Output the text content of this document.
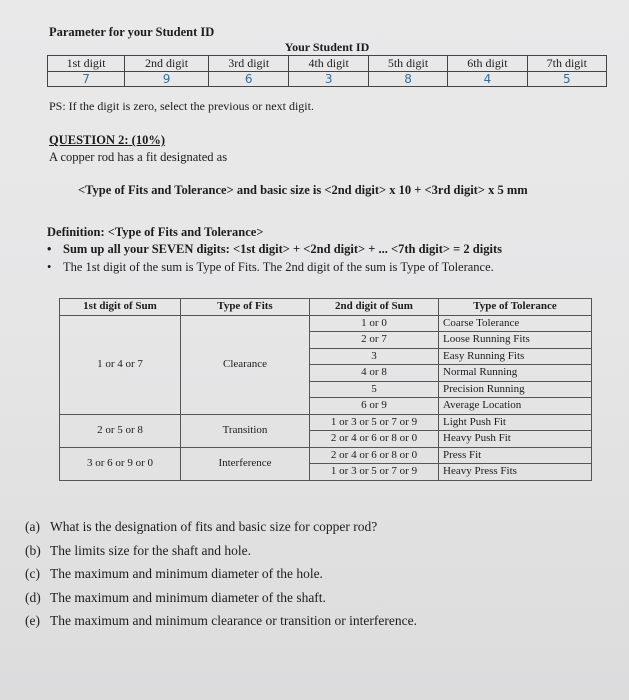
Parameter for your Student ID
Your Student ID						
1st digit	2nd digit	3rd digit	4th digit	5th digit	6th digit	7th digit
7	9	6	3	8	4	5
PS: If the digit is zero, select the previous or next digit.
QUESTION 2: (10%)
A copper rod has a fit designated as
<Type of Fits and Tolerance> and basic size is <2nd digit> x 10 + <3rd digit> x 5 mm
Definition: <Type of Fits and Tolerance>
• Sum up all your SEVEN digits: <1st digit> + <2nd digit> + ... <7th digit> = 2 digits
• The 1st digit of the sum is Type of Fits. The 2nd digit of the sum is Type of Tolerance.
1st digit of Sum	Type of Fits	2nd digit of Sum	Type of Tolerance
1 or 4 or 7	Clearance	1 or 0	Coarse Tolerance
		2 or 7	Loose Running Fits
		3	Easy Running Fits
		4 or 8	Normal Running
		5	Precision Running
		6 or 9	Average Location
2 or 5 or 8	Transition	1 or 3 or 5 or 7 or 9	Light Push Fit
		2 or 4 or 6 or 8 or 0	Heavy Push Fit
3 or 6 or 9 or 0	Interference	2 or 4 or 6 or 8 or 0	Press Fit
		1 or 3 or 5 or 7 or 9	Heavy Press Fits
(a) What is the designation of fits and basic size for copper rod?
(b) The limits size for the shaft and hole.
(c) The maximum and minimum diameter of the hole.
(d) The maximum and minimum diameter of the shaft.
(e) The maximum and minimum clearance or transition or interference.
